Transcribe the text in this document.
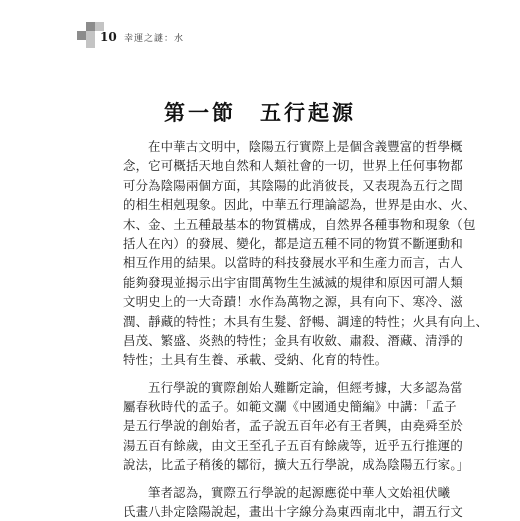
10 幸運之謎：水
第一節　五行起源
在中華古文明中，陰陽五行實際上是個含義豐富的哲學概
念，它可概括天地自然和人類社會的一切，世界上任何事物都
可分為陰陽兩個方面，其陰陽的此消彼長，又表現為五行之間
的相生相剋現象。因此，中華五行理論認為，世界是由水、火、
木、金、土五種最基本的物質構成，自然界各種事物和現象（包
括人在內）的發展、變化，都是這五種不同的物質不斷運動和
相互作用的結果。以當時的科技發展水平和生產力而言，古人
能夠發現並揭示出宇宙間萬物生生滅滅的規律和原因可謂人類
文明史上的一大奇蹟！水作為萬物之源，具有向下、寒冷、滋
潤、靜藏的特性；木具有生髮、舒暢、調達的特性；火具有向上、
昌茂、繁盛、炎熱的特性；金具有收斂、肅殺、潛藏、清淨的
特性；土具有生養、承載、受納、化育的特性。
五行學說的實際創始人難斷定論，但經考據，大多認為當
屬春秋時代的孟子。如範文瀾《中國通史簡編》中講：「孟子
是五行學說的創始者，孟子說五百年必有王者興，由堯舜至於
湯五百有餘歲，由文王至孔子五百有餘歲等，近乎五行推運的
說法，比孟子稍後的鄒衍，擴大五行學說，成為陰陽五行家。」
筆者認為，實際五行學說的起源應從中華人文始祖伏曦
氏畫八卦定陰陽說起，畫出十字線分為東西南北中，謂五行文
